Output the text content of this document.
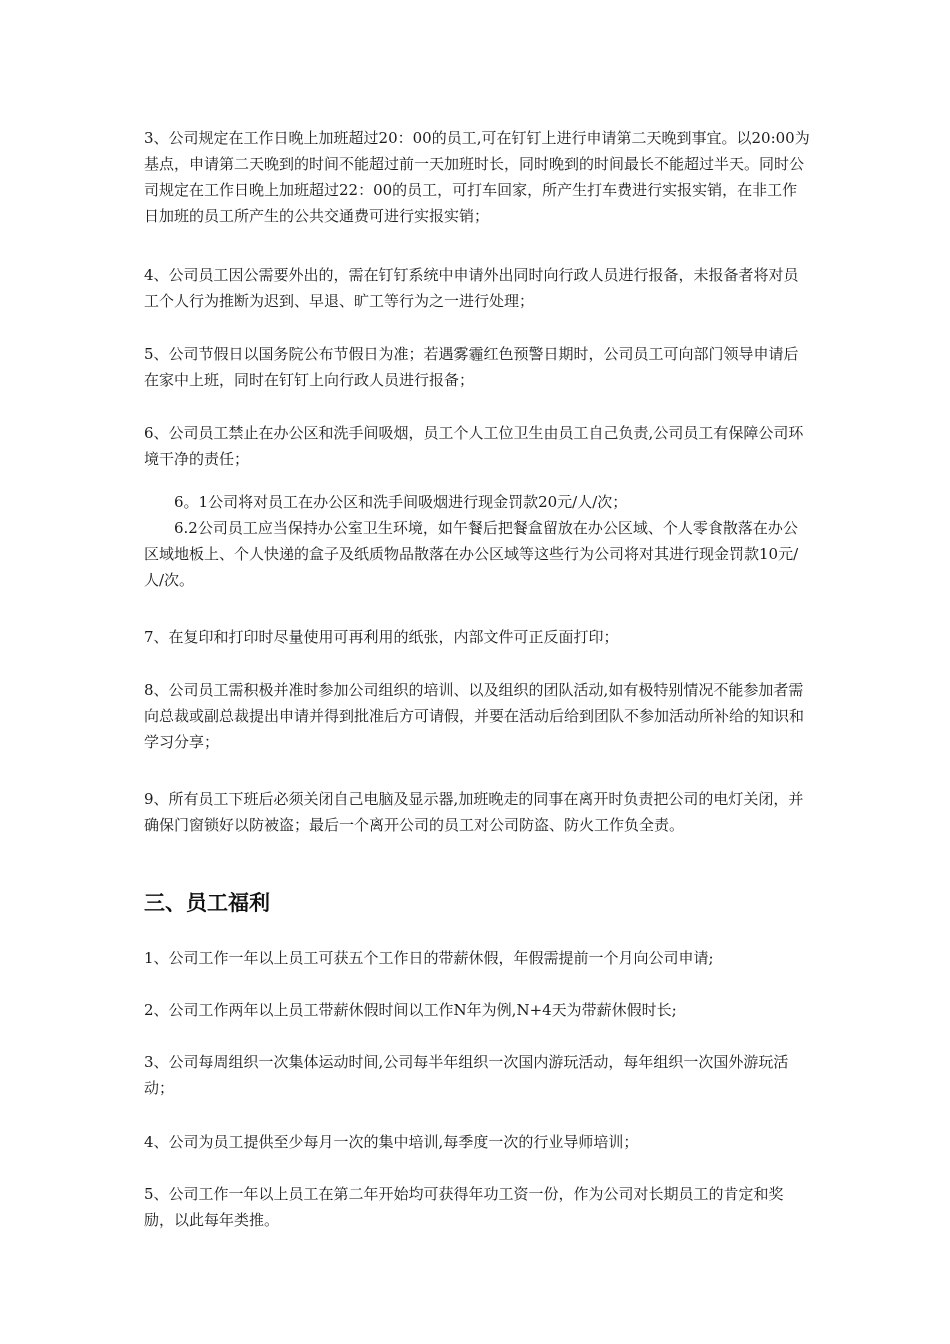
3、公司规定在工作日晚上加班超过20：00的员工,可在钉钉上进行申请第二天晚到事宜。以20:00为基点，申请第二天晚到的时间不能超过前一天加班时长，同时晚到的时间最长不能超过半天。同时公司规定在工作日晚上加班超过22：00的员工，可打车回家，所产生打车费进行实报实销，在非工作日加班的员工所产生的公共交通费可进行实报实销；

4、公司员工因公需要外出的，需在钉钉系统中申请外出同时向行政人员进行报备，未报备者将对员工个人行为推断为迟到、早退、旷工等行为之一进行处理；

5、公司节假日以国务院公布节假日为准；若遇雾霾红色预警日期时，公司员工可向部门领导申请后在家中上班，同时在钉钉上向行政人员进行报备；

6、公司员工禁止在办公区和洗手间吸烟，员工个人工位卫生由员工自己负责,公司员工有保障公司环境干净的责任；

6。1公司将对员工在办公区和洗手间吸烟进行现金罚款20元/人/次；

6.2公司员工应当保持办公室卫生环境，如午餐后把餐盒留放在办公区域、个人零食散落在办公区域地板上、个人快递的盒子及纸质物品散落在办公区域等这些行为公司将对其进行现金罚款10元/人/次。

7、在复印和打印时尽量使用可再利用的纸张，内部文件可正反面打印；

8、公司员工需积极并准时参加公司组织的培训、以及组织的团队活动,如有极特别情况不能参加者需向总裁或副总裁提出申请并得到批准后方可请假，并要在活动后给到团队不参加活动所补给的知识和学习分享；

9、所有员工下班后必须关闭自己电脑及显示器,加班晚走的同事在离开时负责把公司的电灯关闭，并确保门窗锁好以防被盗；最后一个离开公司的员工对公司防盗、防火工作负全责。

三、员工福利

1、公司工作一年以上员工可获五个工作日的带薪休假，年假需提前一个月向公司申请;

2、公司工作两年以上员工带薪休假时间以工作N年为例,N+4天为带薪休假时长;

3、公司每周组织一次集体运动时间,公司每半年组织一次国内游玩活动，每年组织一次国外游玩活动；

4、公司为员工提供至少每月一次的集中培训,每季度一次的行业导师培训；

5、公司工作一年以上员工在第二年开始均可获得年功工资一份，作为公司对长期员工的肯定和奖励，以此每年类推。
